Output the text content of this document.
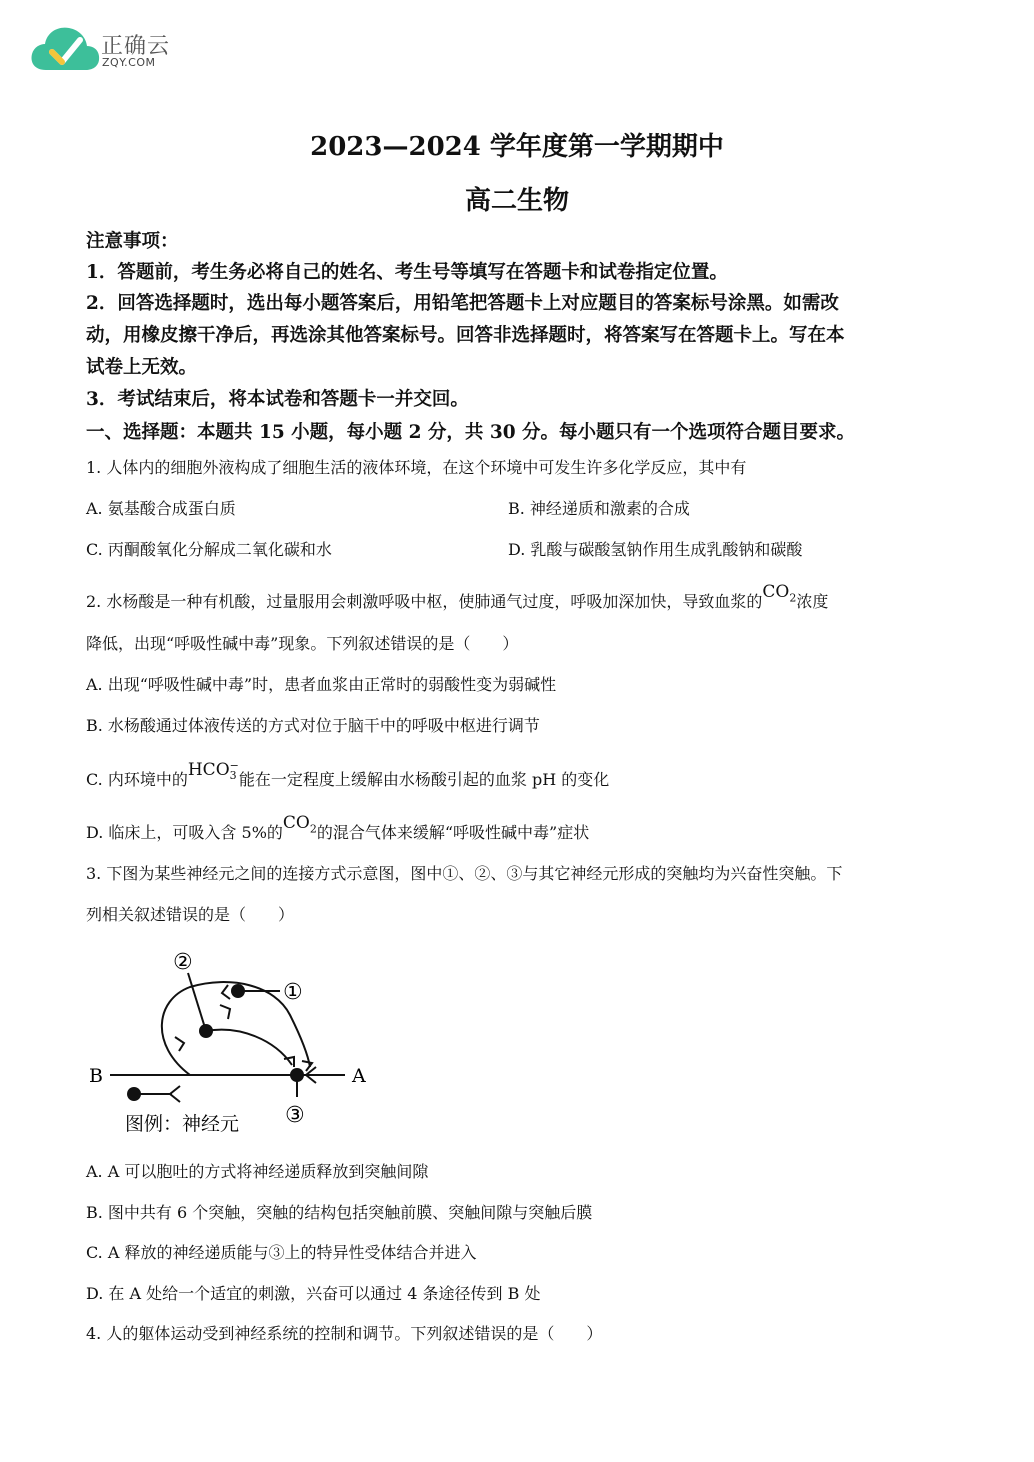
正确云
ZQY.COM
2023—2024 学年度第一学期期中
高二生物
注意事项：
1．答题前，考生务必将自己的姓名、考生号等填写在答题卡和试卷指定位置。
2．回答选择题时，选出每小题答案后，用铅笔把答题卡上对应题目的答案标号涂黑。如需改
动，用橡皮擦干净后，再选涂其他答案标号。回答非选择题时，将答案写在答题卡上。写在本
试卷上无效。
3．考试结束后，将本试卷和答题卡一并交回。
一、选择题：本题共 15 小题，每小题 2 分，共 30 分。每小题只有一个选项符合题目要求。
1. 人体内的细胞外液构成了细胞生活的液体环境，在这个环境中可发生许多化学反应，其中有
A. 氨基酸合成蛋白质	B. 神经递质和激素的合成
C. 丙酮酸氧化分解成二氧化碳和水	D. 乳酸与碳酸氢钠作用生成乳酸钠和碳酸
2. 水杨酸是一种有机酸，过量服用会刺激呼吸中枢，使肺通气过度，呼吸加深加快，导致血浆的$CO_2$浓度
降低，出现“呼吸性碱中毒”现象。下列叙述错误的是（　　）
A. 出现“呼吸性碱中毒”时，患者血浆由正常时的弱酸性变为弱碱性
B. 水杨酸通过体液传送的方式对位于脑干中的呼吸中枢进行调节
C. 内环境中的HCO −
3 能在一定程度上缓解由水杨酸引起的血浆 pH 的变化
D. 临床上，可吸入含 5%的$CO_2$的混合气体来缓解“呼吸性碱中毒”症状
3. 下图为某些神经元之间的连接方式示意图，图中①、②、③与其它神经元形成的突触均为兴奋性突触。下
列相关叙述错误的是（　　）
②
①
③
B	A
图例：神经元
A. A 可以胞吐的方式将神经递质释放到突触间隙
B. 图中共有 6 个突触，突触的结构包括突触前膜、突触间隙与突触后膜
C. A 释放的神经递质能与③上的特异性受体结合并进入
D. 在 A 处给一个适宜的刺激，兴奋可以通过 4 条途径传到 B 处
4. 人的躯体运动受到神经系统的控制和调节。下列叙述错误的是（　　）
